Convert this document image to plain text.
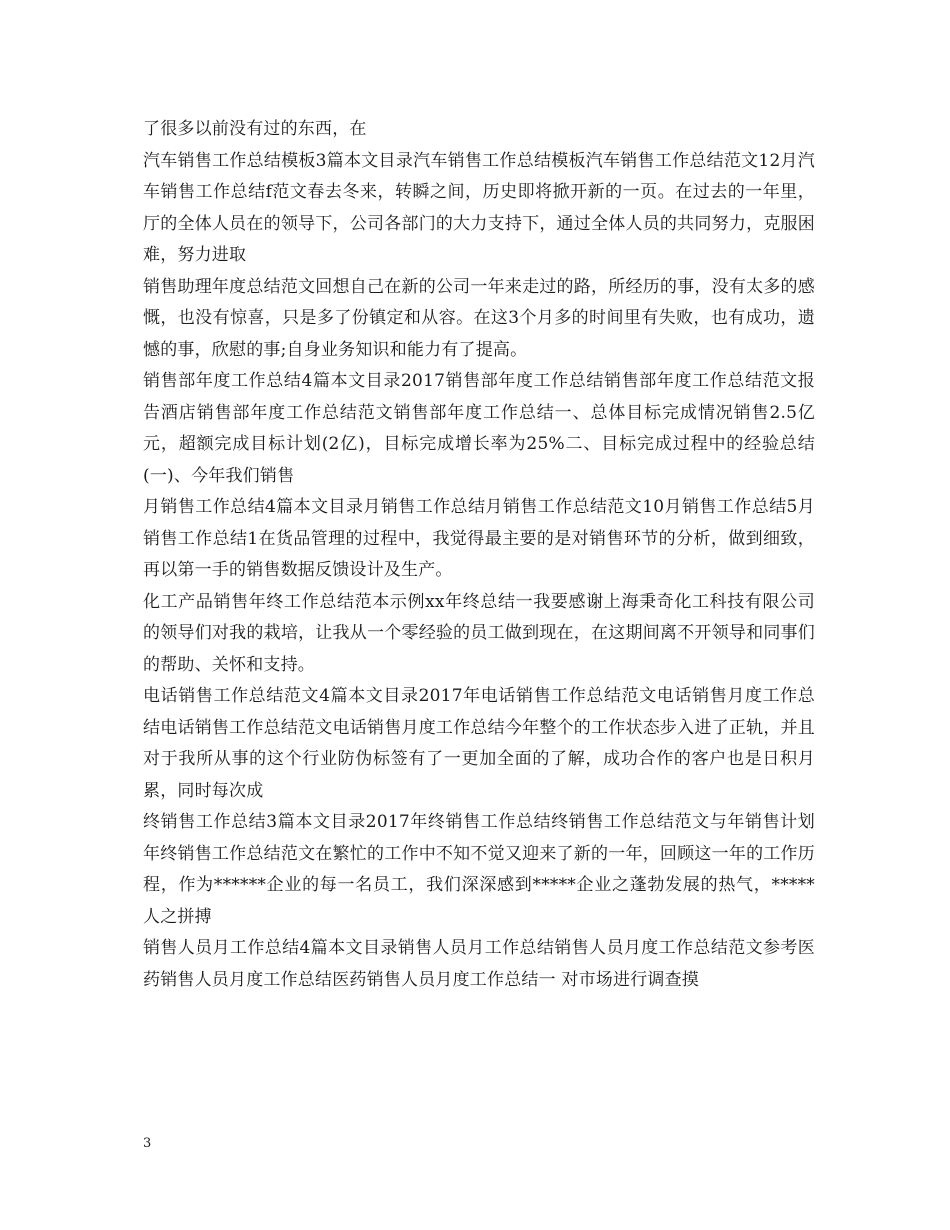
了很多以前没有过的东西，在

汽车销售工作总结模板3篇本文目录汽车销售工作总结模板汽车销售工作总结范文12月汽车销售工作总结f范文春去冬来，转瞬之间，历史即将掀开新的一页。在过去的一年里，厅的全体人员在的领导下，公司各部门的大力支持下，通过全体人员的共同努力，克服困难，努力进取

销售助理年度总结范文回想自己在新的公司一年来走过的路，所经历的事，没有太多的感慨，也没有惊喜，只是多了份镇定和从容。在这3个月多的时间里有失败，也有成功，遗憾的事，欣慰的事;自身业务知识和能力有了提高。

销售部年度工作总结4篇本文目录2017销售部年度工作总结销售部年度工作总结范文报告酒店销售部年度工作总结范文销售部年度工作总结一、总体目标完成情况销售2.5亿元，超额完成目标计划(2亿)，目标完成增长率为25%二、目标完成过程中的经验总结(一)、今年我们销售

月销售工作总结4篇本文目录月销售工作总结月销售工作总结范文10月销售工作总结5月销售工作总结1在货品管理的过程中，我觉得最主要的是对销售环节的分析，做到细致，再以第一手的销售数据反馈设计及生产。

化工产品销售年终工作总结范本示例xx年终总结一我要感谢上海秉奇化工科技有限公司的领导们对我的栽培，让我从一个零经验的员工做到现在，在这期间离不开领导和同事们的帮助、关怀和支持。

电话销售工作总结范文4篇本文目录2017年电话销售工作总结范文电话销售月度工作总结电话销售工作总结范文电话销售月度工作总结今年整个的工作状态步入进了正轨，并且对于我所从事的这个行业防伪标签有了一更加全面的了解，成功合作的客户也是日积月累，同时每次成

终销售工作总结3篇本文目录2017年终销售工作总结终销售工作总结范文与年销售计划年终销售工作总结范文在繁忙的工作中不知不觉又迎来了新的一年，回顾这一年的工作历程，作为******企业的每一名员工，我们深深感到*****企业之蓬勃发展的热气，*****人之拼搏

销售人员月工作总结4篇本文目录销售人员月工作总结销售人员月度工作总结范文参考医药销售人员月度工作总结医药销售人员月度工作总结一 对市场进行调查摸

3
